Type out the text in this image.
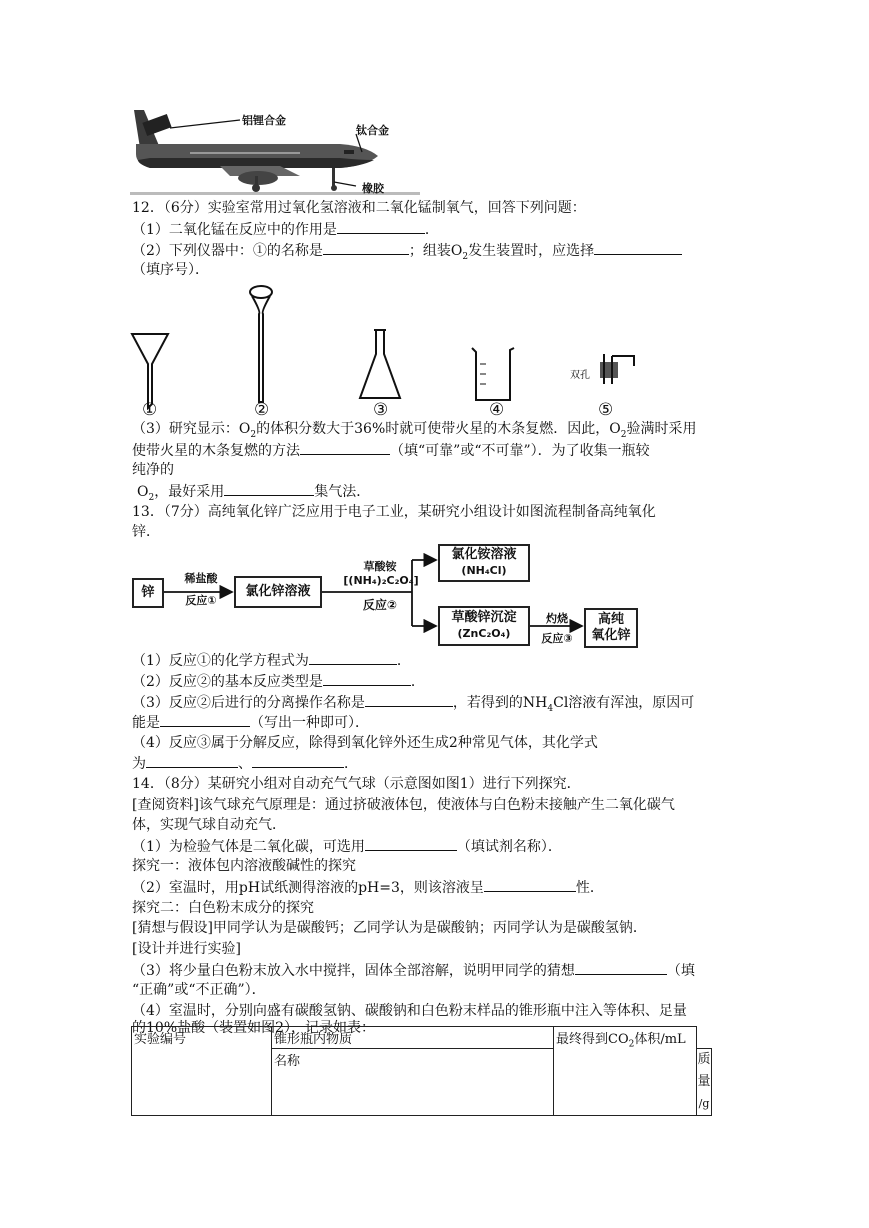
铝锂合金
钛合金
橡胶
12．（6分）实验室常用过氧化氢溶液和二氧化锰制氧气，回答下列问题：
（1）二氧化锰在反应中的作用是	．
（2）下列仪器中：①的名称是	；组装$O_2$发生装置时，应选择
（填序号）．
双孔
①	②	③	④	⑤
（3）研究显示：$O_2$的体积分数大于36%时就可使带火星的木条复燃．因此，$O_2$验满时采用
使带火星的木条复燃的方法	（填“可靠”或“不可靠”）．为了收集一瓶较
纯净的
$O_2$，最好采用	集气法．
13．（7分）高纯氧化锌广泛应用于电子工业，某研究小组设计如图流程制备高纯氧化
锌．
锌
稀盐酸
反应①
氯化锌溶液
草酸铵
[(NH₄)₂C₂O₄]
反应②
氯化铵溶液
(NH₄Cl)
草酸锌沉淀
(ZnC₂O₄)
灼烧
反应③
高纯
氧化锌
（1）反应①的化学方程式为	．
（2）反应②的基本反应类型是	．
（3）反应②后进行的分离操作名称是	，若得到的$NH_4Cl$溶液有浑浊，原因可
能是	（写出一种即可）．
（4）反应③属于分解反应，除得到氧化锌外还生成2种常见气体，其化学式
为	、	．
14．（8分）某研究小组对自动充气气球（示意图如图1）进行下列探究．
[查阅资料]该气球充气原理是：通过挤破液体包，使液体与白色粉末接触产生二氧化碳气
体，实现气球自动充气．
（1）为检验气体是二氧化碳，可选用	（填试剂名称）．
探究一：液体包内溶液酸碱性的探究
（2）室温时，用pH试纸测得溶液的pH=3，则该溶液呈	性．
探究二：白色粉末成分的探究
[猜想与假设]甲同学认为是碳酸钙；乙同学认为是碳酸钠；丙同学认为是碳酸氢钠．
[设计并进行实验]
（3）将少量白色粉末放入水中搅拌，固体全部溶解，说明甲同学的猜想	（填
“正确”或“不正确”）．
（4）室温时，分别向盛有碳酸氢钠、碳酸钠和白色粉末样品的锥形瓶中注入等体积、足量
的10%盐酸（装置如图2），记录如表：
实验编号	锥形瓶内物质	最终得到$CO_2$体积/mL	
	名称		质
量
/g
